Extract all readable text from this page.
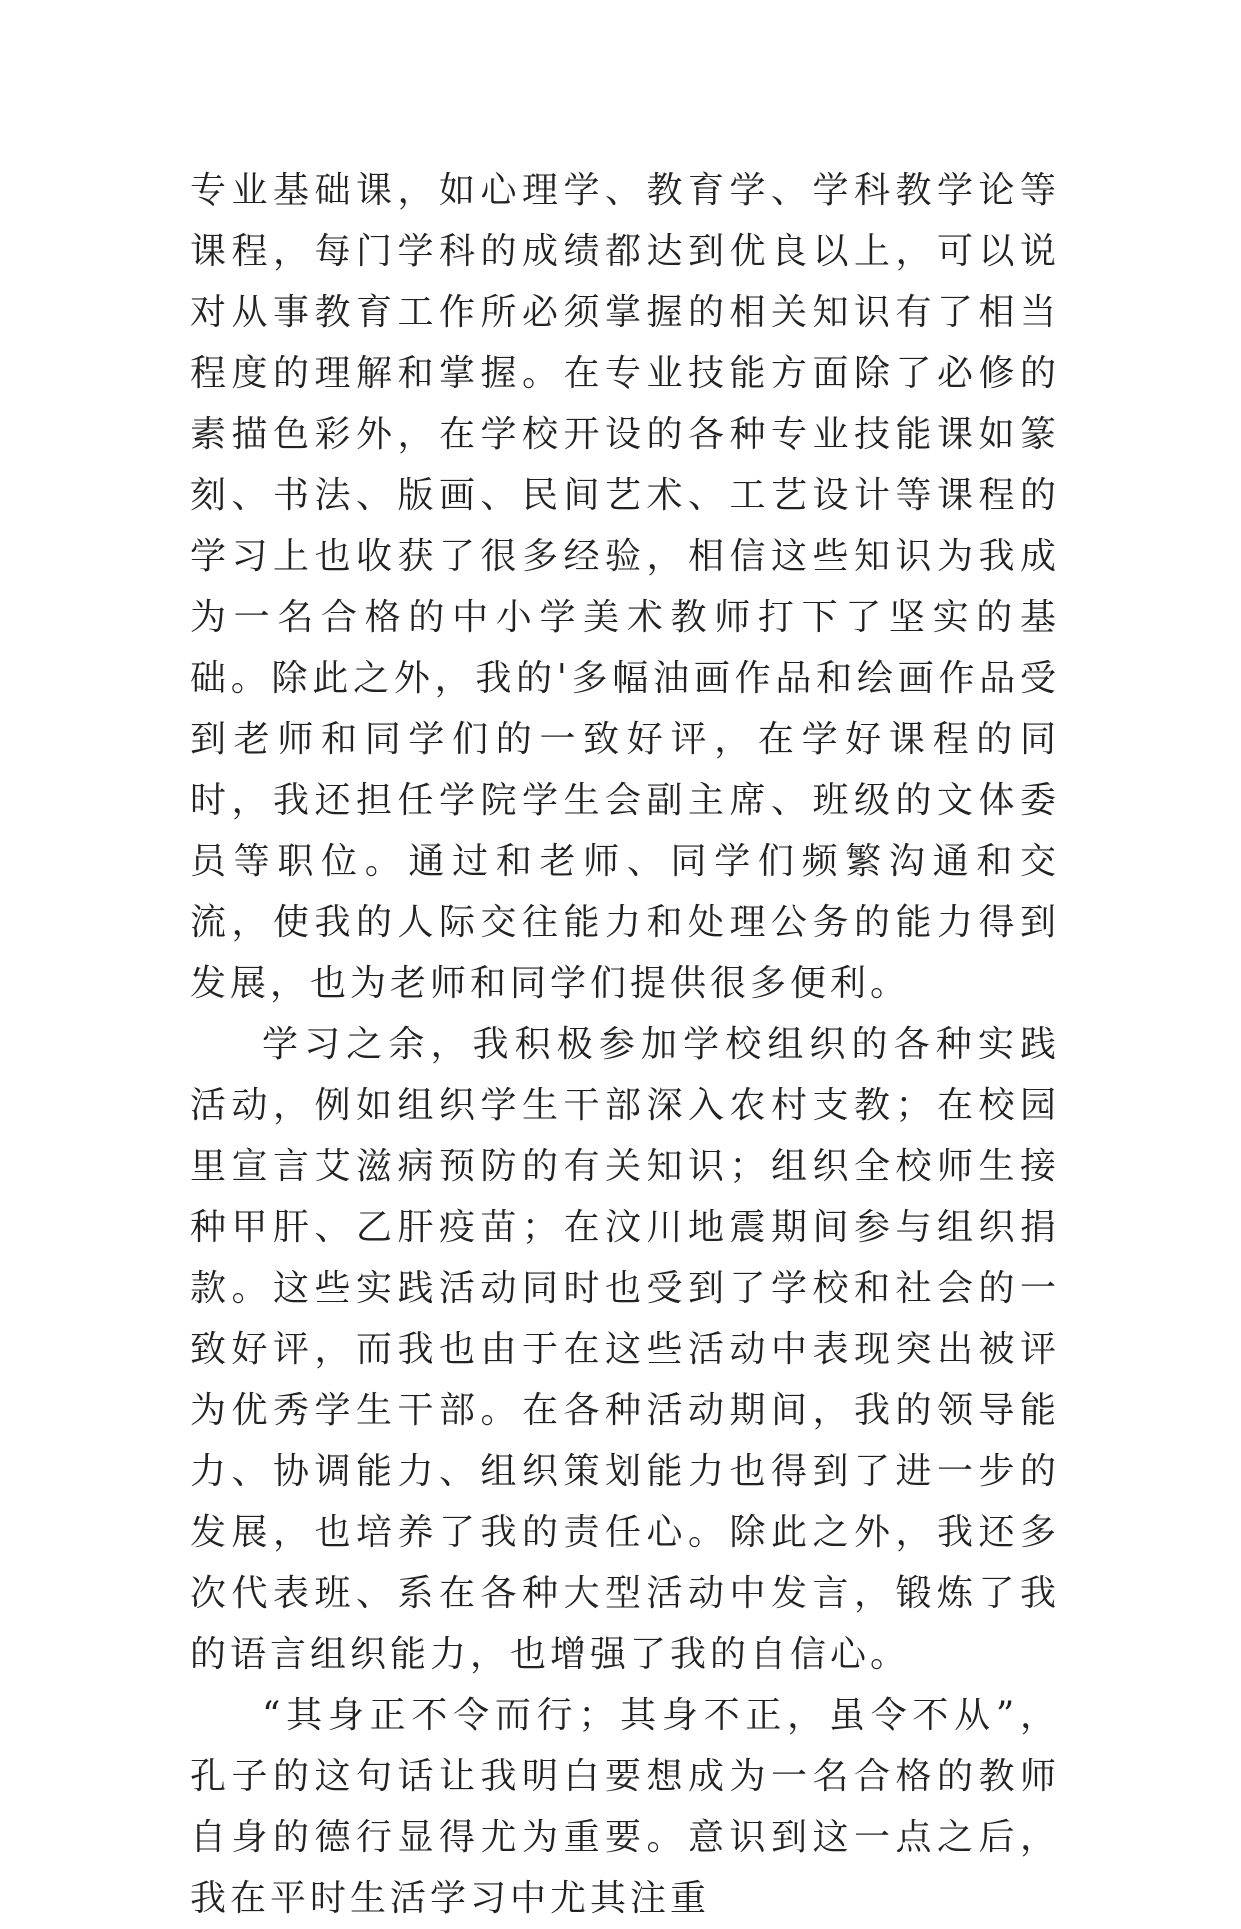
专业基础课，如心理学、教育学、学科教学论等课程，每门学科的成绩都达到优良以上，可以说对从事教育工作所必须掌握的相关知识有了相当程度的理解和掌握。在专业技能方面除了必修的素描色彩外，在学校开设的各种专业技能课如篆刻、书法、版画、民间艺术、工艺设计等课程的学习上也收获了很多经验，相信这些知识为我成为一名合格的中小学美术教师打下了坚实的基础。除此之外，我的'多幅油画作品和绘画作品受到老师和同学们的一致好评，在学好课程的同时，我还担任学院学生会副主席、班级的文体委员等职位。通过和老师、同学们频繁沟通和交流，使我的人际交往能力和处理公务的能力得到发展，也为老师和同学们提供很多便利。

学习之余，我积极参加学校组织的各种实践活动，例如组织学生干部深入农村支教；在校园里宣言艾滋病预防的有关知识；组织全校师生接种甲肝、乙肝疫苗；在汶川地震期间参与组织捐款。这些实践活动同时也受到了学校和社会的一致好评，而我也由于在这些活动中表现突出被评为优秀学生干部。在各种活动期间，我的领导能力、协调能力、组织策划能力也得到了进一步的发展，也培养了我的责任心。除此之外，我还多次代表班、系在各种大型活动中发言，锻炼了我的语言组织能力，也增强了我的自信心。

“其身正不令而行；其身不正，虽令不从”，孔子的这句话让我明白要想成为一名合格的教师自身的德行显得尤为重要。意识到这一点之后，我在平时生活学习中尤其注重
